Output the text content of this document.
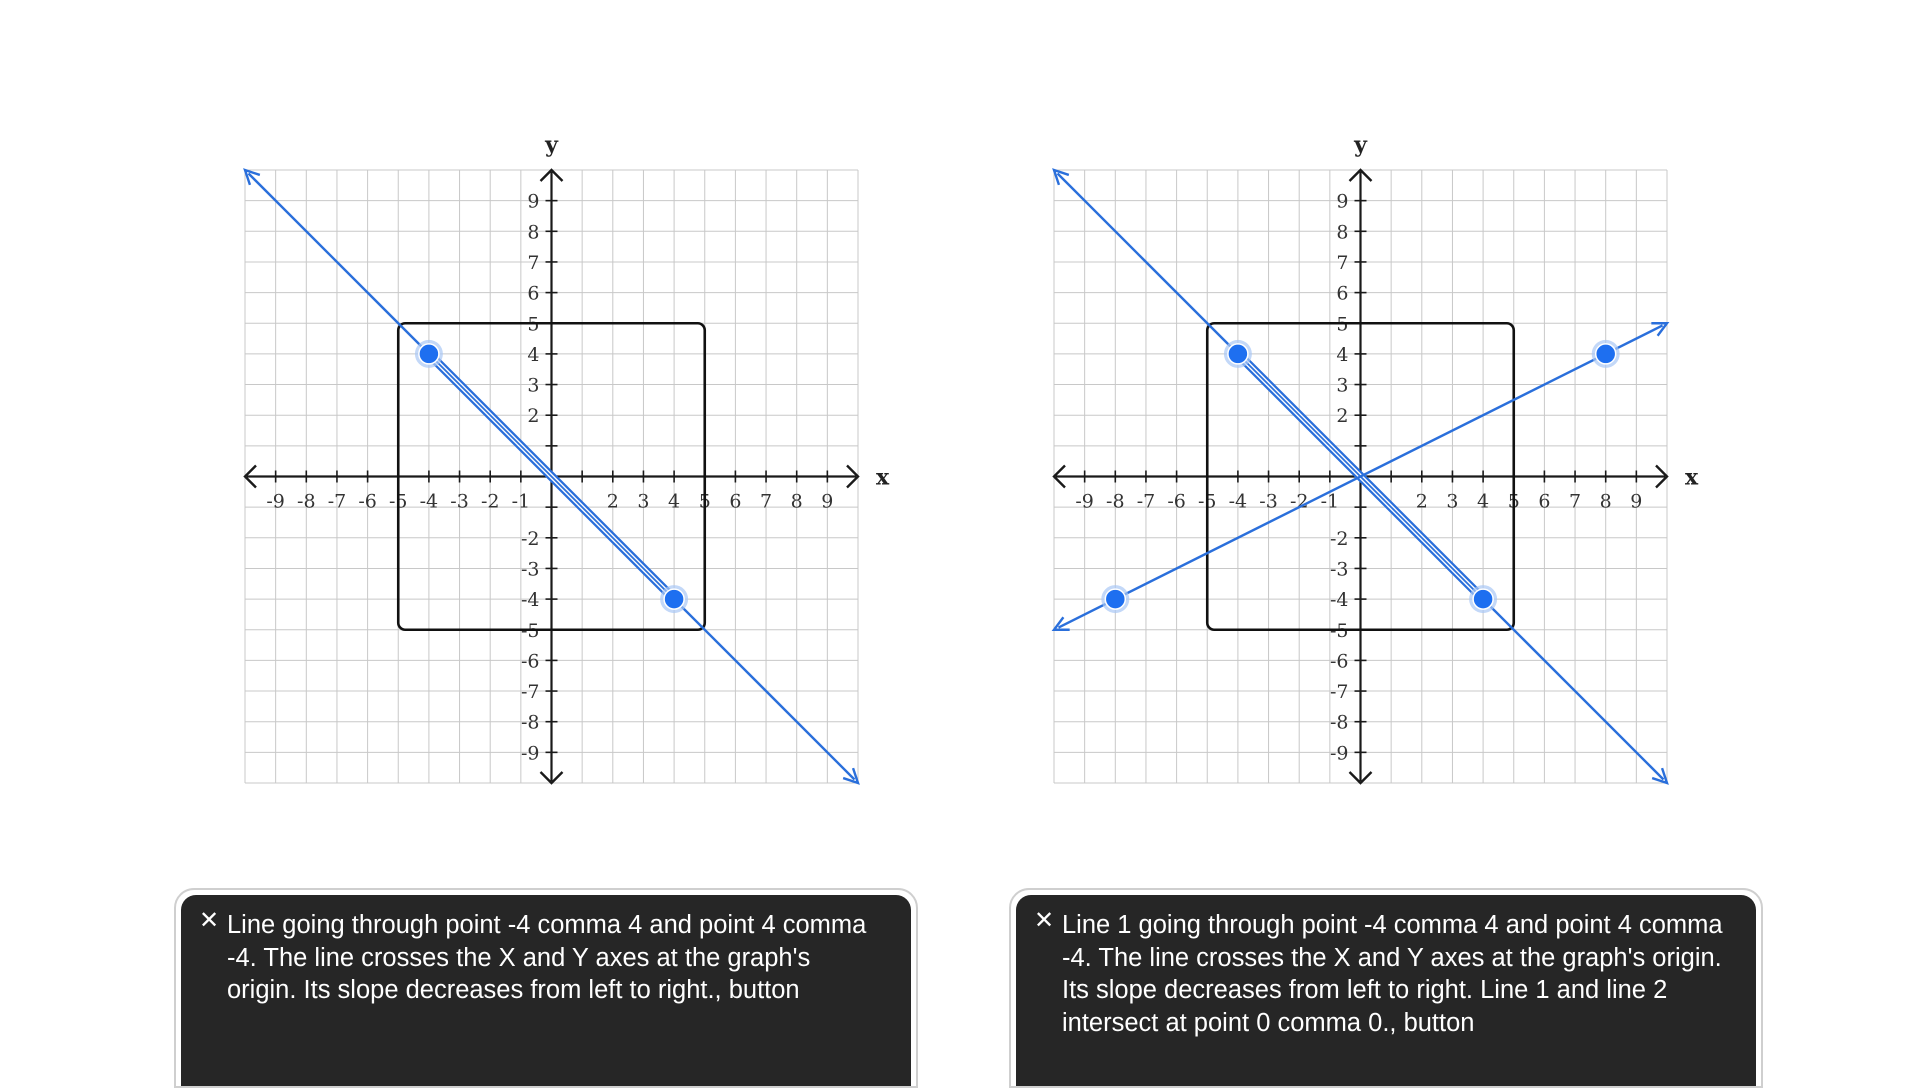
-9 -8 -7 -6 -5 -4 -3 -2 -1	2 3 4 5 6 7 8 9
9
8
7
6
5
4
3
2
-2
-3
-4
-5
-6
-7
-8
-9
x
y
-9 -8 -7 -6 -5 -4 -3 -2 -1	2 3 4 5 6 7 8 9
9
8
7
6
5
4
3
2
-2
-3
-4
-5
-6
-7
-8
-9
x
y
✕ Line going through point -4 comma 4 and point 4 comma -4. The line crosses the X and Y axes at the graph's origin. Its slope decreases from left to right., button
✕ Line 1 going through point -4 comma 4 and point 4 comma -4. The line crosses the X and Y axes at the graph's origin. Its slope decreases from left to right. Line 1 and line 2 intersect at point 0 comma 0., button
